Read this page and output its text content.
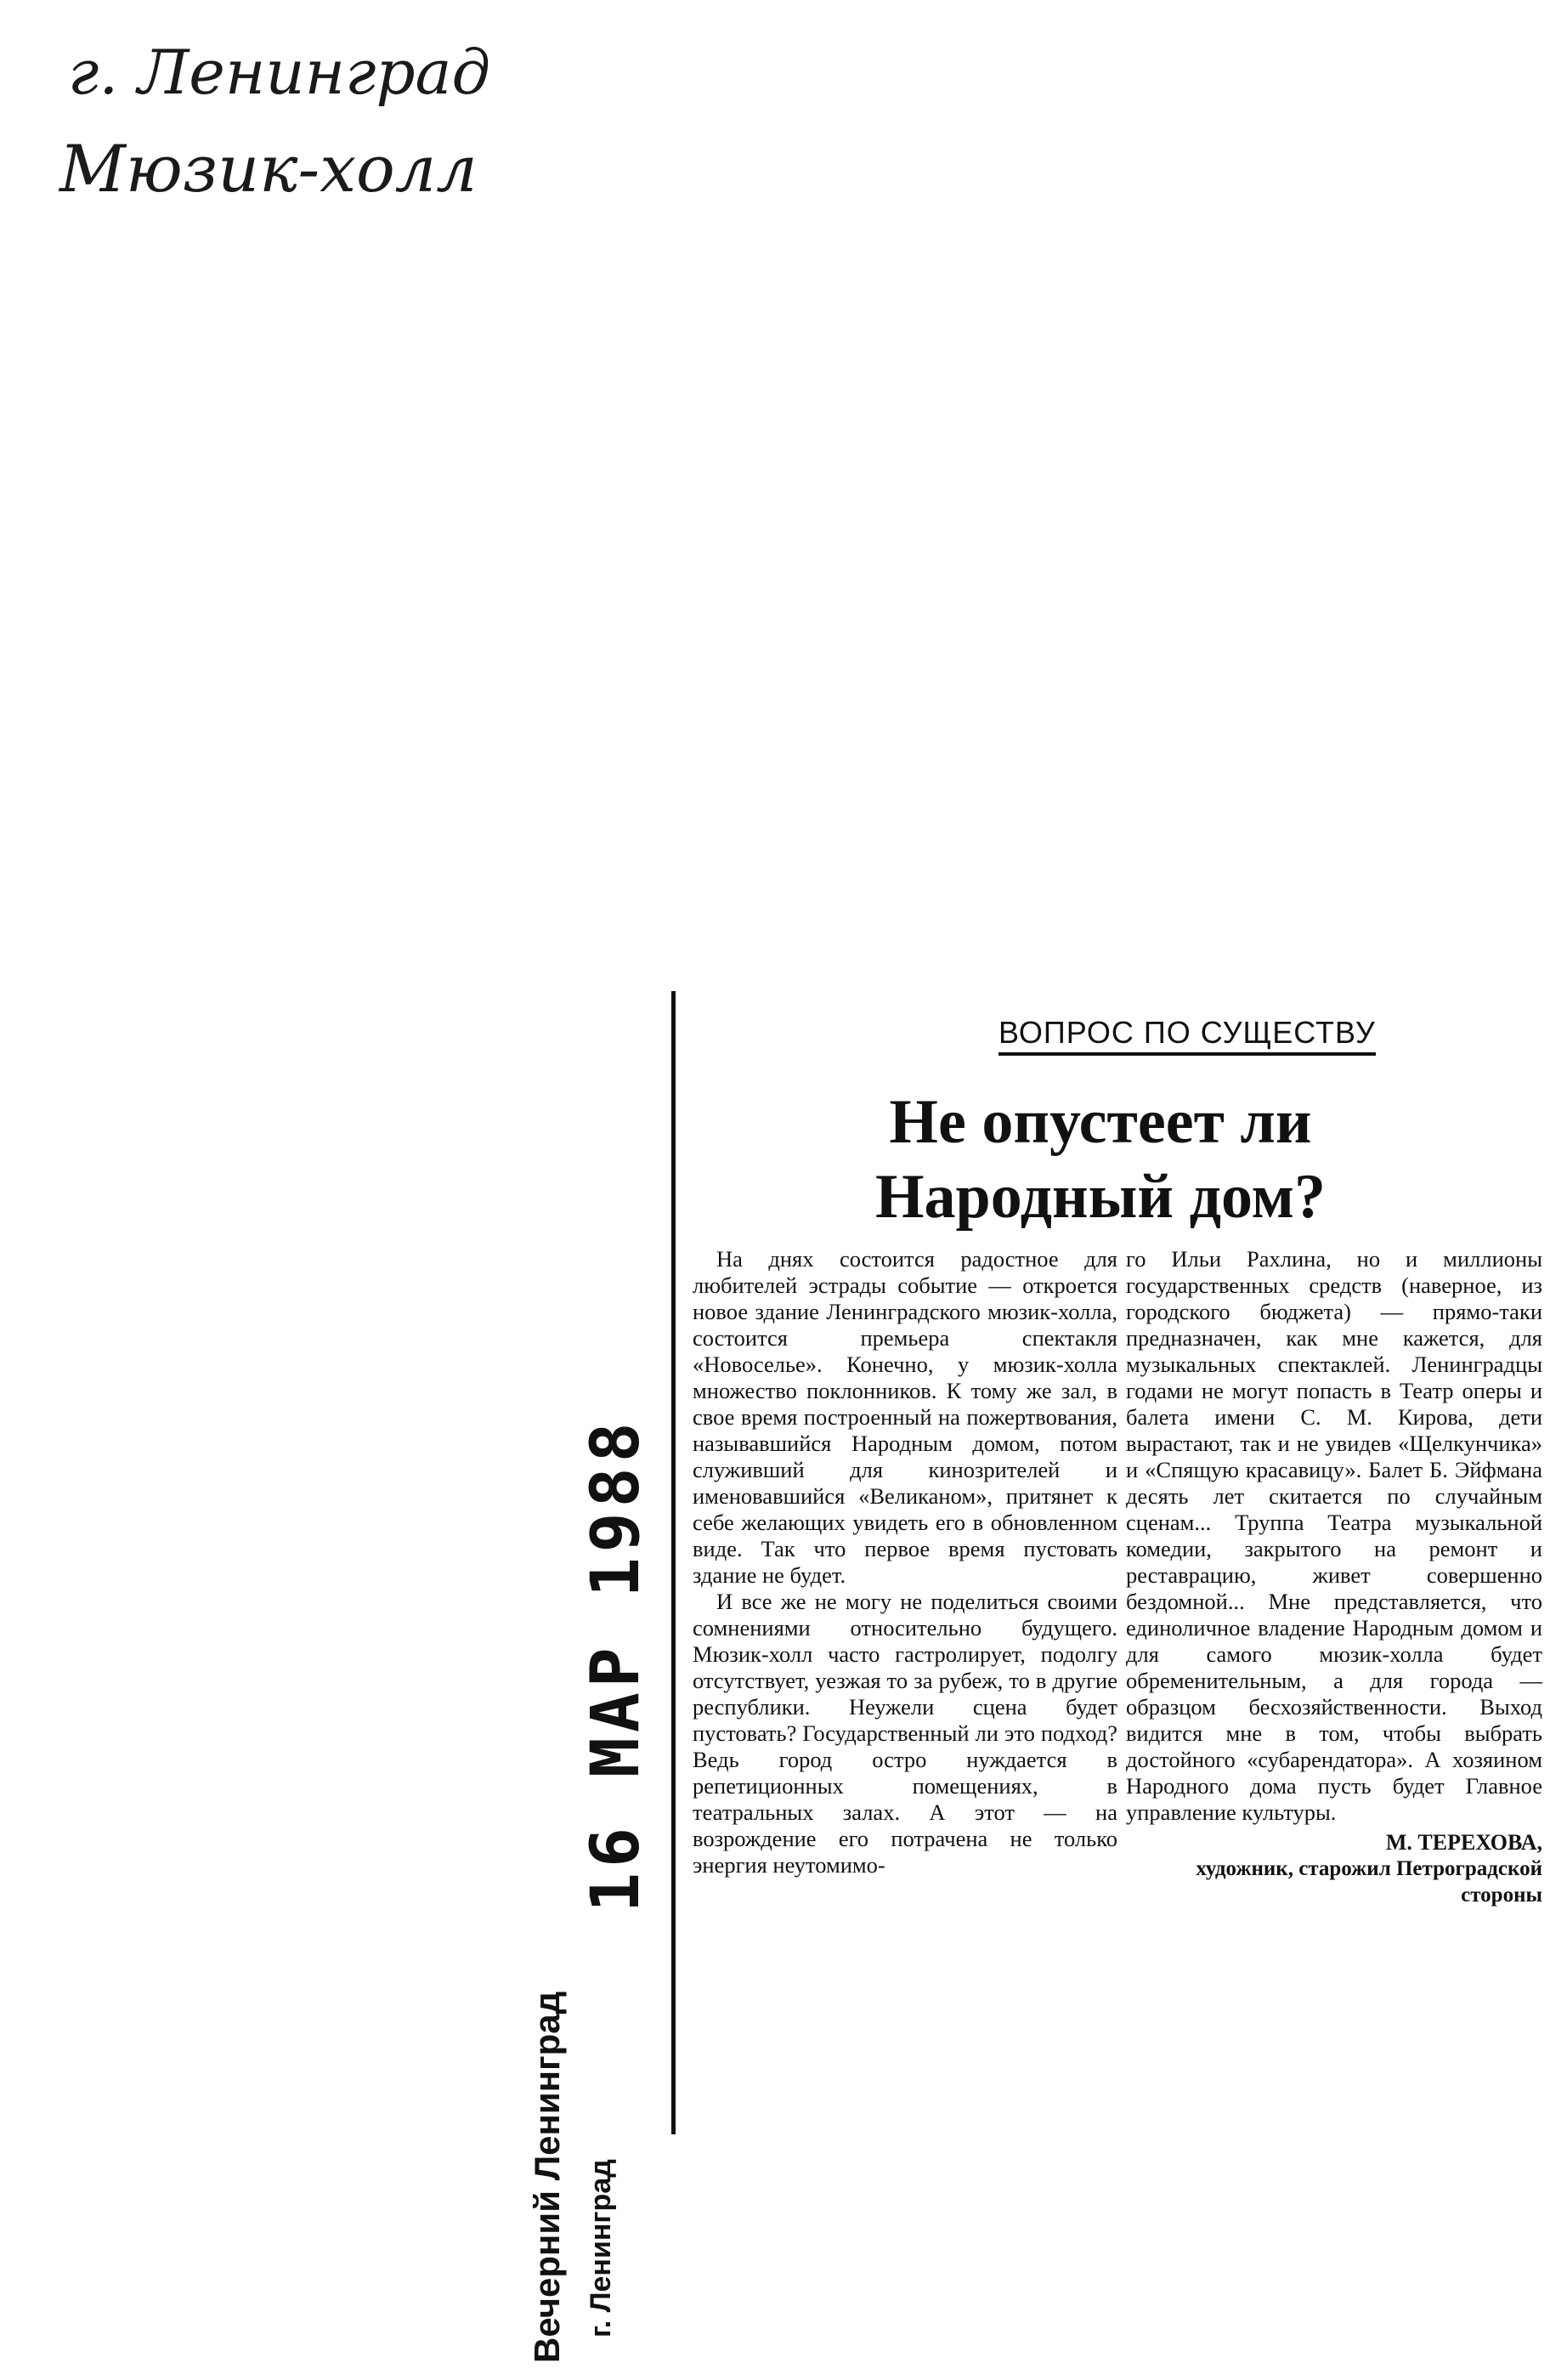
г. Ленинград
Мюзик-холл
16 МАР 1988
Вечерний Ленинград г. Ленинград
ВОПРОС ПО СУЩЕСТВУ
Не опустеет ли
Народный дом?

На днях состоится радостное для любителей эстрады событие — откроется новое здание Ленинградского мюзик-холла, состоится премьера спектакля «Новоселье». Конечно, у мюзик-холла множество поклонников. К тому же зал, в свое время построенный на пожертвования, называвшийся Народным домом, потом служивший для кинозрителей и именовавшийся «Великаном», притянет к себе желающих увидеть его в обновленном виде. Так что первое время пустовать здание не будет.

И все же не могу не поделиться своими сомнениями относительно будущего. Мюзик-холл часто гастролирует, подолгу отсутствует, уезжая то за рубеж, то в другие республики. Неужели сцена будет пустовать? Государственный ли это подход? Ведь город остро нуждается в репетиционных помещениях, в театральных залах. А этот — на возрождение его потрачена не только энергия неутомимо-

го Ильи Рахлина, но и миллионы государственных средств (наверное, из городского бюджета) — прямо-таки предназначен, как мне кажется, для музыкальных спектаклей. Ленинградцы годами не могут попасть в Театр оперы и балета имени С. М. Кирова, дети вырастают, так и не увидев «Щелкунчика» и «Спящую красавицу». Балет Б. Эйфмана десять лет скитается по случайным сценам... Труппа Театра музыкальной комедии, закрытого на ремонт и реставрацию, живет совершенно бездомной... Мне представляется, что единоличное владение Народным домом и для самого мюзик-холла будет обременительным, а для города — образцом бесхозяйственности. Выход видится мне в том, чтобы выбрать достойного «субарендатора». А хозяином Народного дома пусть будет Главное управление культуры.

М. ТЕРЕХОВА,
художник, старожил Петроградской стороны
